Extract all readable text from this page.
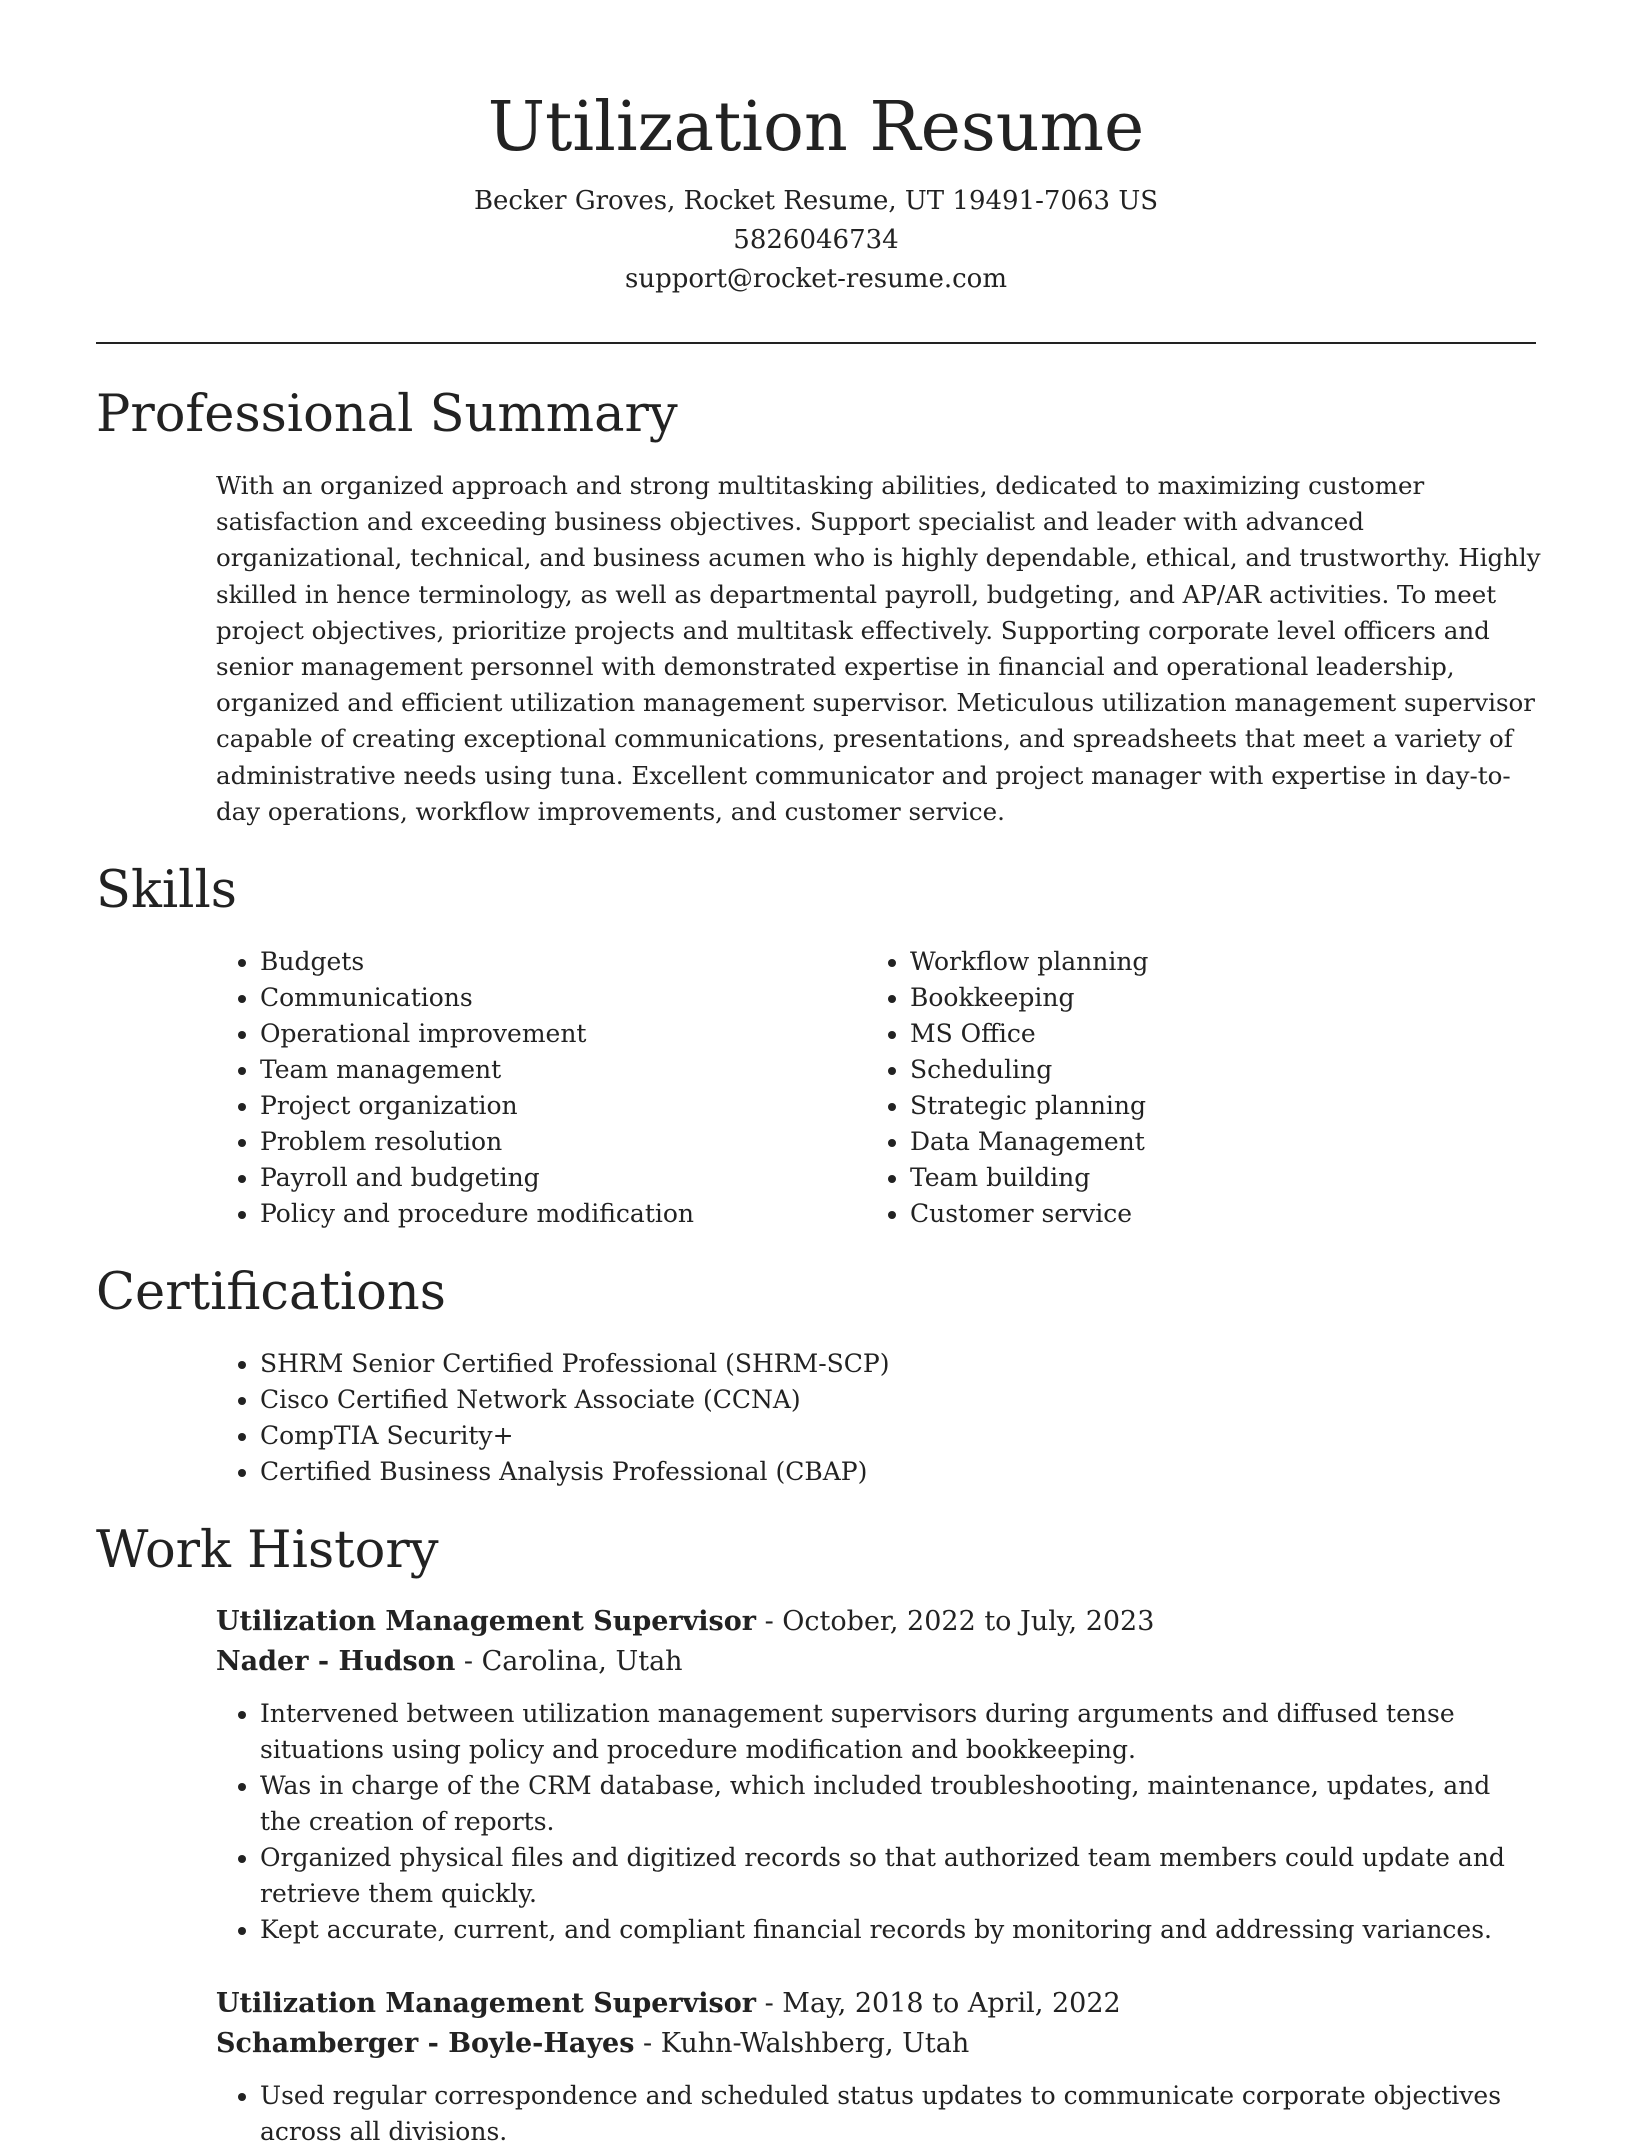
Utilization Resume

Becker Groves, Rocket Resume, UT 19491-7063 US

5826046734

support@rocket-resume.com

Professional Summary

With an organized approach and strong multitasking abilities, dedicated to maximizing customer satisfaction and exceeding business objectives. Support specialist and leader with advanced organizational, technical, and business acumen who is highly dependable, ethical, and trustworthy. Highly skilled in hence terminology, as well as departmental payroll, budgeting, and AP/AR activities. To meet project objectives, prioritize projects and multitask effectively. Supporting corporate level officers and senior management personnel with demonstrated expertise in financial and operational leadership, organized and efficient utilization management supervisor. Meticulous utilization management supervisor capable of creating exceptional communications, presentations, and spreadsheets that meet a variety of administrative needs using tuna. Excellent communicator and project manager with expertise in day-to-day operations, workflow improvements, and customer service.

Skills
• Budgets
• Communications
• Operational improvement
• Team management
• Project organization
• Problem resolution
• Payroll and budgeting
• Policy and procedure modification
• Workflow planning
• Bookkeeping
• MS Office
• Scheduling
• Strategic planning
• Data Management
• Team building
• Customer service
Certifications
• SHRM Senior Certified Professional (SHRM-SCP)
• Cisco Certified Network Associate (CCNA)
• CompTIA Security+
• Certified Business Analysis Professional (CBAP)
Work History

Utilization Management Supervisor - October, 2022 to July, 2023

Nader - Hudson - Carolina, Utah

• Intervened between utilization management supervisors during arguments and diffused tense situations using policy and procedure modification and bookkeeping.
• Was in charge of the CRM database, which included troubleshooting, maintenance, updates, and the creation of reports.
• Organized physical files and digitized records so that authorized team members could update and retrieve them quickly.
• Kept accurate, current, and compliant financial records by monitoring and addressing variances.

Utilization Management Supervisor - May, 2018 to April, 2022

Schamberger - Boyle-Hayes - Kuhn-Walshberg, Utah

• Used regular correspondence and scheduled status updates to communicate corporate objectives across all divisions.
